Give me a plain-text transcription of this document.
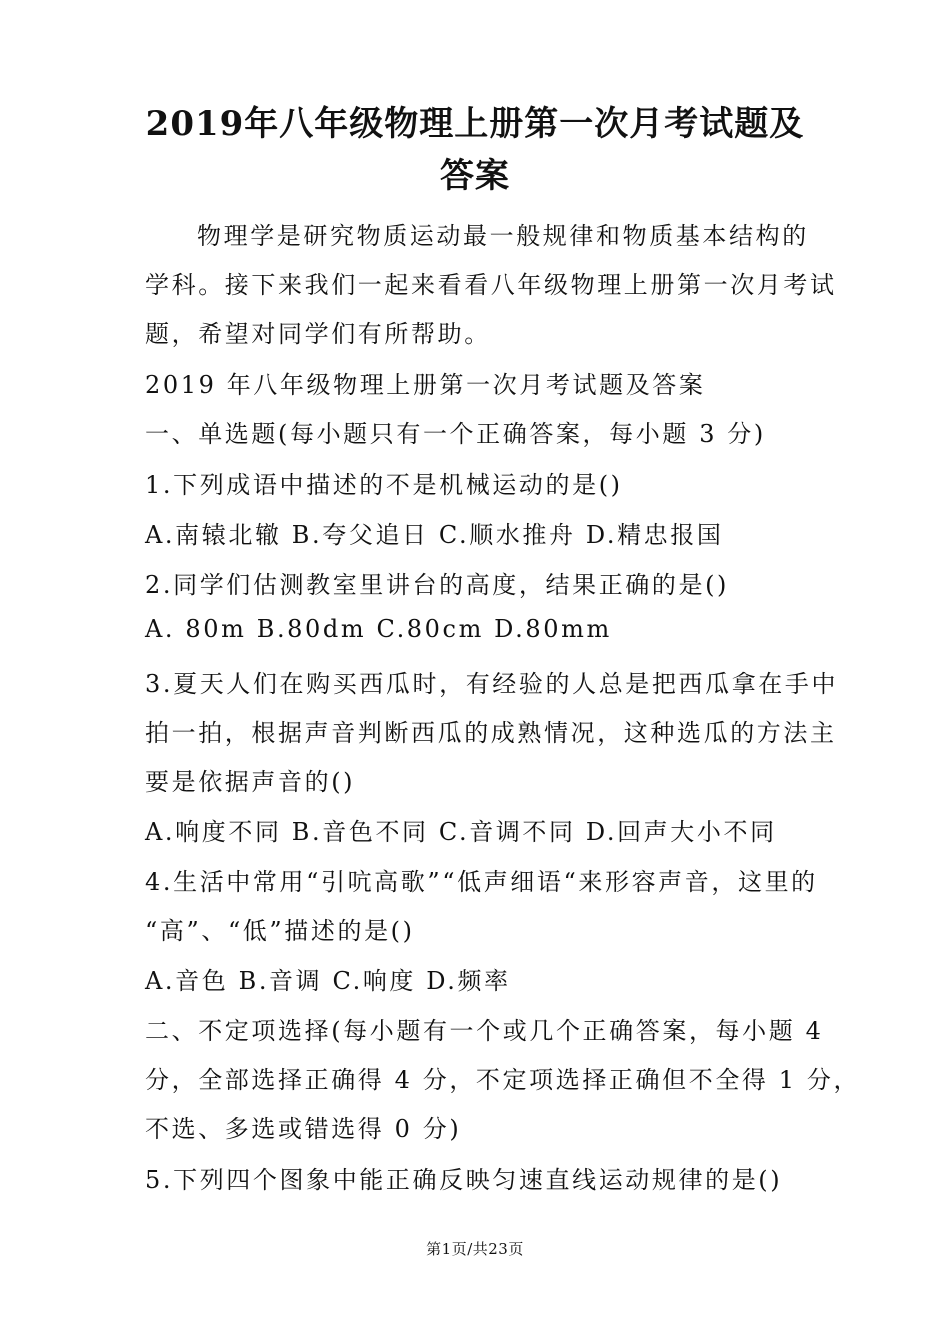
2019年八年级物理上册第一次月考试题及
答案
物理学是研究物质运动最一般规律和物质基本结构的
学科。接下来我们一起来看看八年级物理上册第一次月考试
题，希望对同学们有所帮助。
2019 年八年级物理上册第一次月考试题及答案
一、单选题(每小题只有一个正确答案，每小题 3 分)
1.下列成语中描述的不是机械运动的是()
A.南辕北辙 B.夸父追日 C.顺水推舟 D.精忠报国
2.同学们估测教室里讲台的高度，结果正确的是()
A. 80m B.80dm C.80cm D.80mm
3.夏天人们在购买西瓜时，有经验的人总是把西瓜拿在手中
拍一拍，根据声音判断西瓜的成熟情况，这种选瓜的方法主
要是依据声音的()
A.响度不同 B.音色不同 C.音调不同 D.回声大小不同
4.生活中常用“引吭高歌”“低声细语“来形容声音，这里的
“高”、“低”描述的是()
A.音色 B.音调 C.响度 D.频率
二、不定项选择(每小题有一个或几个正确答案，每小题 4
分，全部选择正确得 4 分，不定项选择正确但不全得 1 分，
不选、多选或错选得 0 分)
5.下列四个图象中能正确反映匀速直线运动规律的是()
第1页/共23页
